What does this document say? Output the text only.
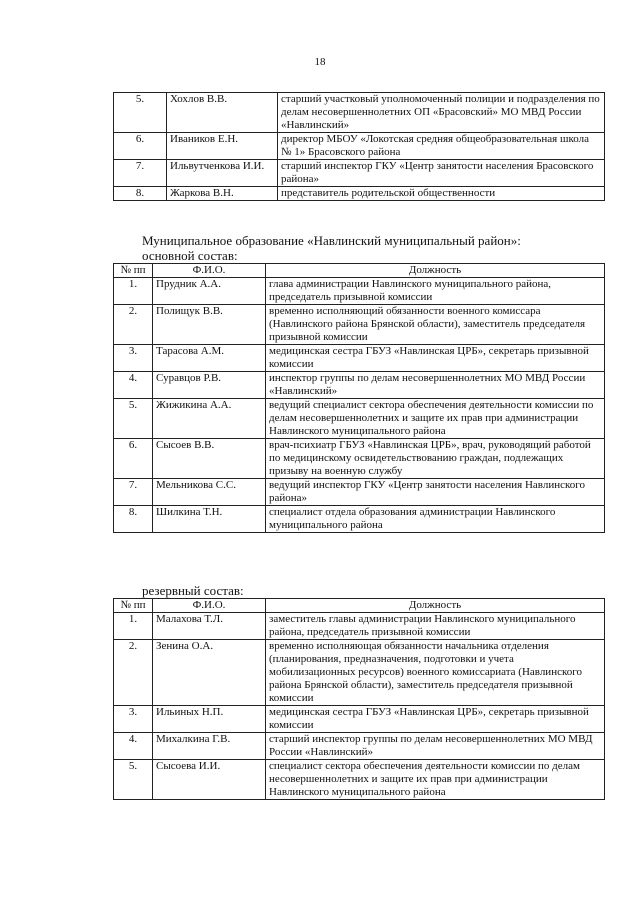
18
5.	Хохлов В.В.	старший участковый уполномоченный полиции и подразделения по делам несовершеннолетних ОП «Брасовский» МО МВД России «Навлинский»
6.	Иваников Е.Н.	директор МБОУ «Локотская средняя общеобразовательная школа № 1» Брасовского района
7.	Ильвутченкова И.И.	старший инспектор ГКУ «Центр занятости населения Брасовского района»
8.	Жаркова В.Н.	представитель родительской общественности
Муниципальное образование «Навлинский муниципальный район»:
основной состав:
№ пп	Ф.И.О.	Должность
1.	Прудник А.А.	глава администрации Навлинского муниципального района, председатель призывной комиссии
2.	Полищук В.В.	временно исполняющий обязанности военного комиссара (Навлинского района Брянской области), заместитель председателя призывной комиссии
3.	Тарасова А.М.	медицинская сестра ГБУЗ «Навлинская ЦРБ», секретарь призывной комиссии
4.	Суравцов Р.В.	инспектор группы по делам несовершеннолетних МО МВД России «Навлинский»
5.	Жижикина А.А.	ведущий специалист сектора обеспечения деятельности комиссии по делам несовершеннолетних и защите их прав при администрации Навлинского муниципального района
6.	Сысоев В.В.	врач-психиатр ГБУЗ «Навлинская ЦРБ», врач, руководящий работой по медицинскому освидетельствованию граждан, подлежащих призыву на военную службу
7.	Мельникова С.С.	ведущий инспектор ГКУ «Центр занятости населения Навлинского района»
8.	Шилкина Т.Н.	специалист отдела образования администрации Навлинского муниципального района
резервный состав:
№ пп	Ф.И.О.	Должность
1.	Малахова Т.Л.	заместитель главы администрации Навлинского муниципального района, председатель призывной комиссии
2.	Зенина О.А.	временно исполняющая обязанности начальника отделения (планирования, предназначения, подготовки и учета мобилизационных ресурсов) военного комиссариата (Навлинского района Брянской области), заместитель председателя призывной комиссии
3.	Ильиных Н.П.	медицинская сестра ГБУЗ «Навлинская ЦРБ», секретарь призывной комиссии
4.	Михалкина Г.В.	старший инспектор группы по делам несовершеннолетних МО МВД России «Навлинский»
5.	Сысоева И.И.	специалист сектора обеспечения деятельности комиссии по делам несовершеннолетних и защите их прав при администрации Навлинского муниципального района
